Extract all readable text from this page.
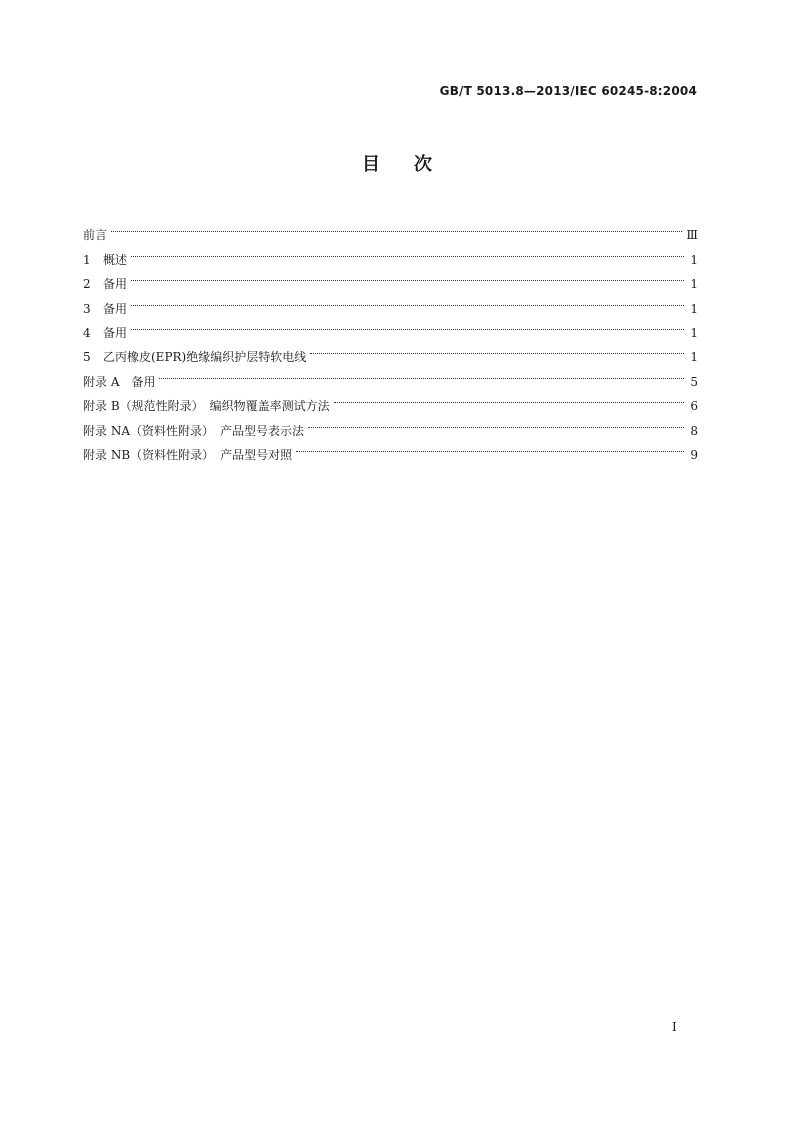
GB/T 5013.8—2013/IEC 60245-8:2004
目次
前言	Ⅲ
1 概述	1
2 备用	1
3 备用	1
4 备用	1
5 乙丙橡皮(EPR)绝缘编织护层特软电线	1
附录 A　备用	5
附录 B（规范性附录）　编织物覆盖率测试方法	6
附录 NA（资料性附录）　产品型号表示法	8
附录 NB（资料性附录）　产品型号对照	9
I
